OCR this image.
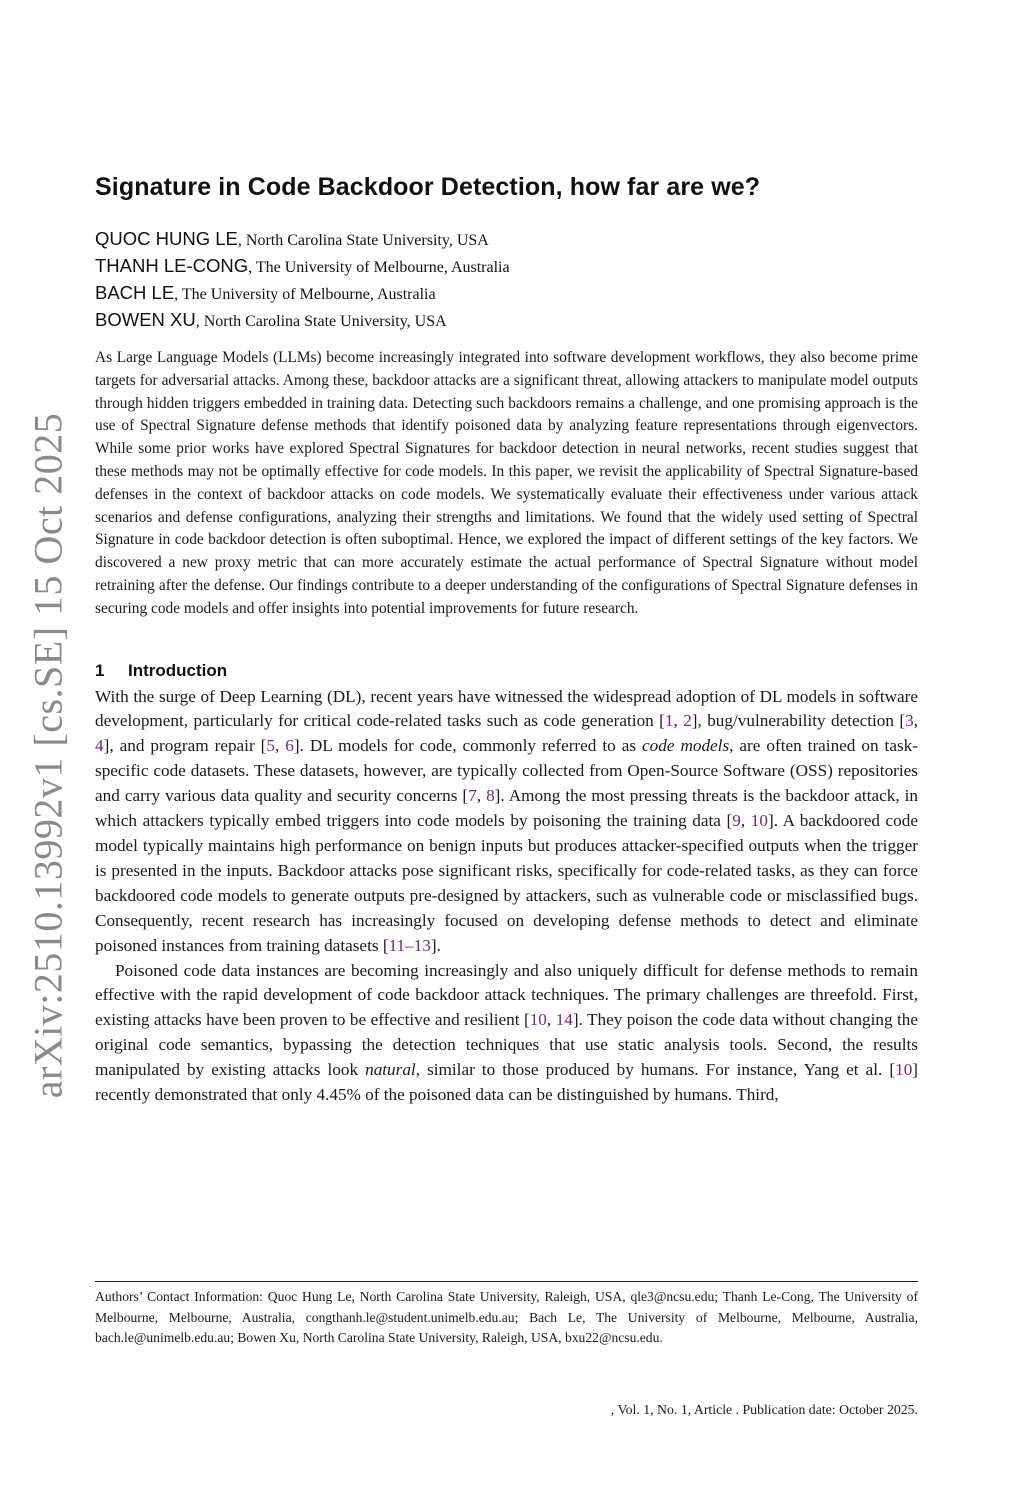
arXiv:2510.13992v1 [cs.SE] 15 Oct 2025
Signature in Code Backdoor Detection, how far are we?
QUOC HUNG LE, North Carolina State University, USA
THANH LE-CONG, The University of Melbourne, Australia
BACH LE, The University of Melbourne, Australia
BOWEN XU, North Carolina State University, USA

As Large Language Models (LLMs) become increasingly integrated into software development workflows, they also become prime targets for adversarial attacks. Among these, backdoor attacks are a significant threat, allowing attackers to manipulate model outputs through hidden triggers embedded in training data. Detecting such backdoors remains a challenge, and one promising approach is the use of Spectral Signature defense methods that identify poisoned data by analyzing feature representations through eigenvectors. While some prior works have explored Spectral Signatures for backdoor detection in neural networks, recent studies suggest that these methods may not be optimally effective for code models. In this paper, we revisit the applicability of Spectral Signature-based defenses in the context of backdoor attacks on code models. We systematically evaluate their effectiveness under various attack scenarios and defense configurations, analyzing their strengths and limitations. We found that the widely used setting of Spectral Signature in code backdoor detection is often suboptimal. Hence, we explored the impact of different settings of the key factors. We discovered a new proxy metric that can more accurately estimate the actual performance of Spectral Signature without model retraining after the defense. Our findings contribute to a deeper understanding of the configurations of Spectral Signature defenses in securing code models and offer insights into potential improvements for future research.

1 Introduction

With the surge of Deep Learning (DL), recent years have witnessed the widespread adoption of DL models in software development, particularly for critical code-related tasks such as code generation [1, 2], bug/vulnerability detection [3, 4], and program repair [5, 6]. DL models for code, commonly referred to as code models, are often trained on task-specific code datasets. These datasets, however, are typically collected from Open-Source Software (OSS) repositories and carry various data quality and security concerns [7, 8]. Among the most pressing threats is the backdoor attack, in which attackers typically embed triggers into code models by poisoning the training data [9, 10]. A backdoored code model typically maintains high performance on benign inputs but produces attacker-specified outputs when the trigger is presented in the inputs. Backdoor attacks pose significant risks, specifically for code-related tasks, as they can force backdoored code models to generate outputs pre-designed by attackers, such as vulnerable code or misclassified bugs. Consequently, recent research has increasingly focused on developing defense methods to detect and eliminate poisoned instances from training datasets [11–13].

Poisoned code data instances are becoming increasingly and also uniquely difficult for defense methods to remain effective with the rapid development of code backdoor attack techniques. The primary challenges are threefold. First, existing attacks have been proven to be effective and resilient [10, 14]. They poison the code data without changing the original code semantics, bypassing the detection techniques that use static analysis tools. Second, the results manipulated by existing attacks look natural, similar to those produced by humans. For instance, Yang et al. [10] recently demonstrated that only 4.45% of the poisoned data can be distinguished by humans. Third,

Authors’ Contact Information: Quoc Hung Le, North Carolina State University, Raleigh, USA, qle3@ncsu.edu; Thanh Le-Cong, The University of Melbourne, Melbourne, Australia, congthanh.le@student.unimelb.edu.au; Bach Le, The University of Melbourne, Melbourne, Australia, bach.le@unimelb.edu.au; Bowen Xu, North Carolina State University, Raleigh, USA, bxu22@ncsu.edu.

, Vol. 1, No. 1, Article . Publication date: October 2025.
